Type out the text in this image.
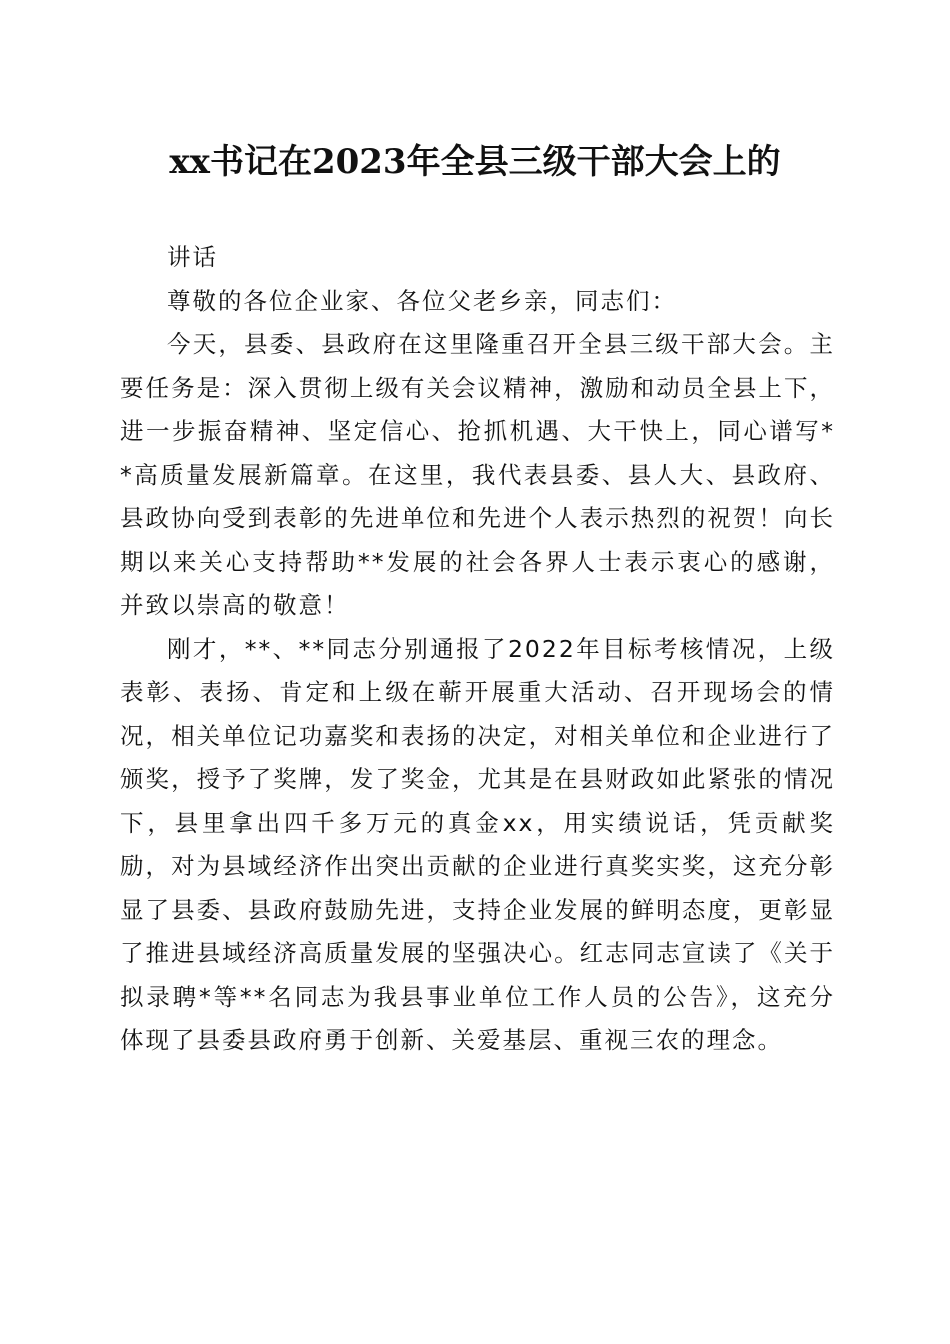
xx书记在2023年全县三级干部大会上的

讲话

尊敬的各位企业家、各位父老乡亲，同志们：

今天，县委、县政府在这里隆重召开全县三级干部大会。主要任务是：深入贯彻上级有关会议精神，激励和动员全县上下，进一步振奋精神、坚定信心、抢抓机遇、大干快上，同心谱写**高质量发展新篇章。在这里，我代表县委、县人大、县政府、县政协向受到表彰的先进单位和先进个人表示热烈的祝贺！向长期以来关心支持帮助**发展的社会各界人士表示衷心的感谢，并致以崇高的敬意！

刚才，**、**同志分别通报了2022年目标考核情况，上级表彰、表扬、肯定和上级在蕲开展重大活动、召开现场会的情况，相关单位记功嘉奖和表扬的决定，对相关单位和企业进行了颁奖，授予了奖牌，发了奖金，尤其是在县财政如此紧张的情况下，县里拿出四千多万元的真金xx，用实绩说话，凭贡献奖励，对为县域经济作出突出贡献的企业进行真奖实奖，这充分彰显了县委、县政府鼓励先进，支持企业发展的鲜明态度，更彰显了推进县域经济高质量发展的坚强决心。红志同志宣读了《关于拟录聘*等**名同志为我县事业单位工作人员的公告》，这充分体现了县委县政府勇于创新、关爱基层、重视三农的理念。
